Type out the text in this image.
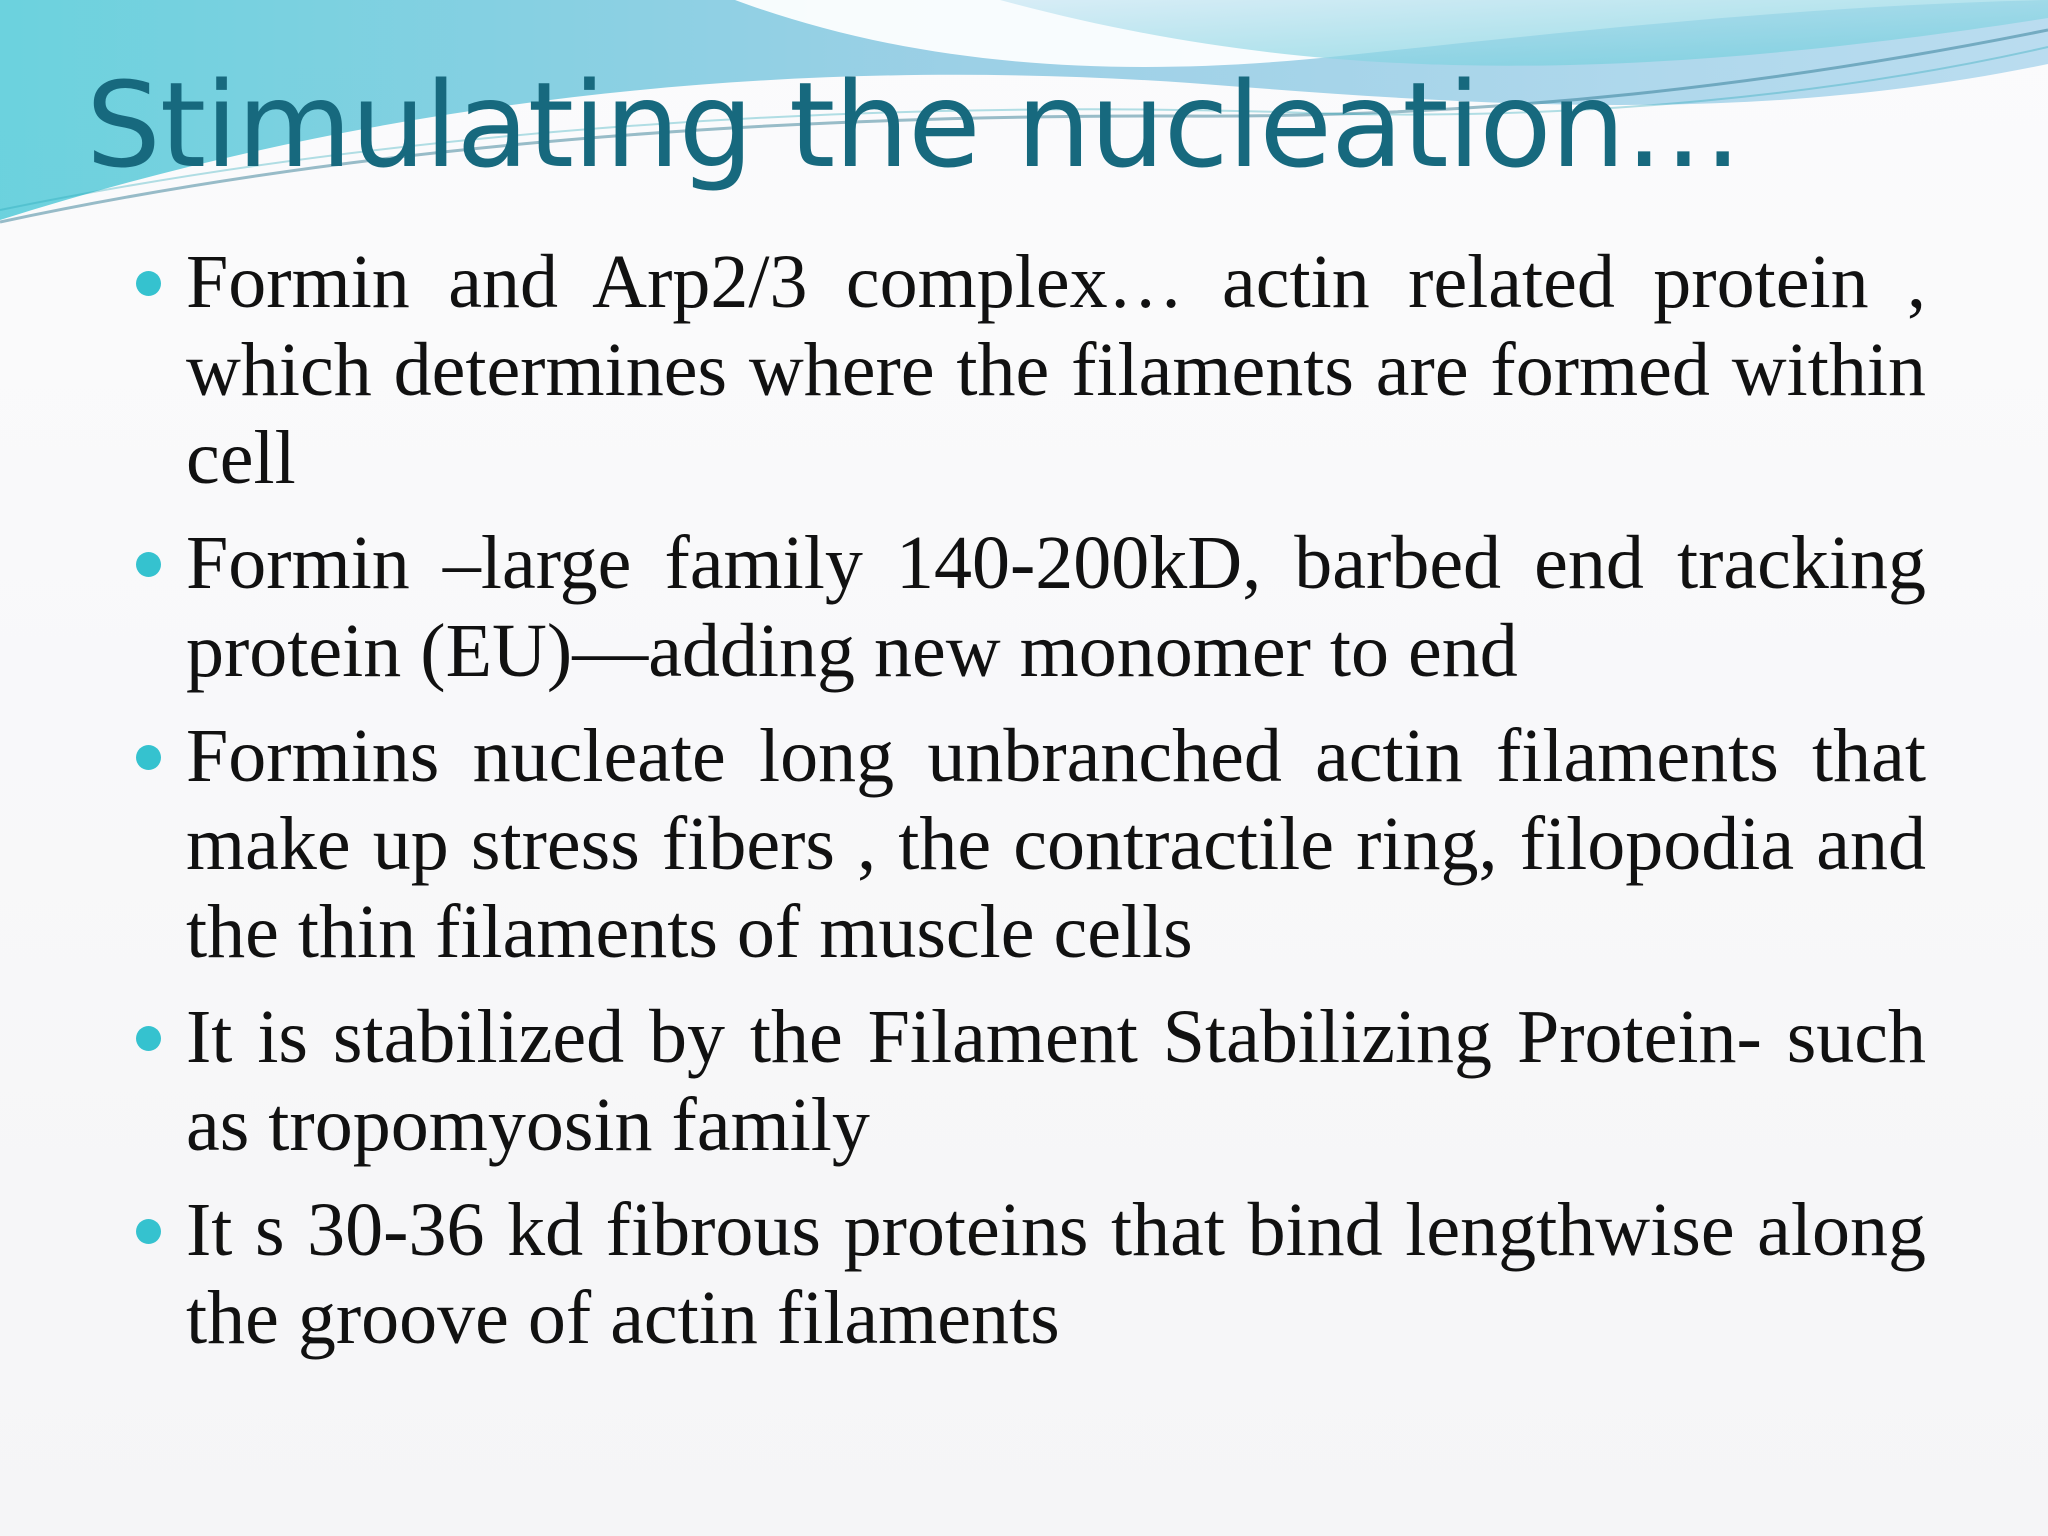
Stimulating the nucleation…
Formin and Arp2/3 complex… actin related protein , which determines where the filaments are formed within cell
Formin –large family 140-200kD, barbed end tracking protein (EU)—adding new monomer to end
Formins nucleate long unbranched actin filaments that make up stress fibers , the contractile ring, filopodia and the thin filaments of muscle cells
It is stabilized by the Filament Stabilizing Protein- such as tropomyosin family
It s 30-36 kd fibrous proteins that bind lengthwise along the groove of actin filaments
